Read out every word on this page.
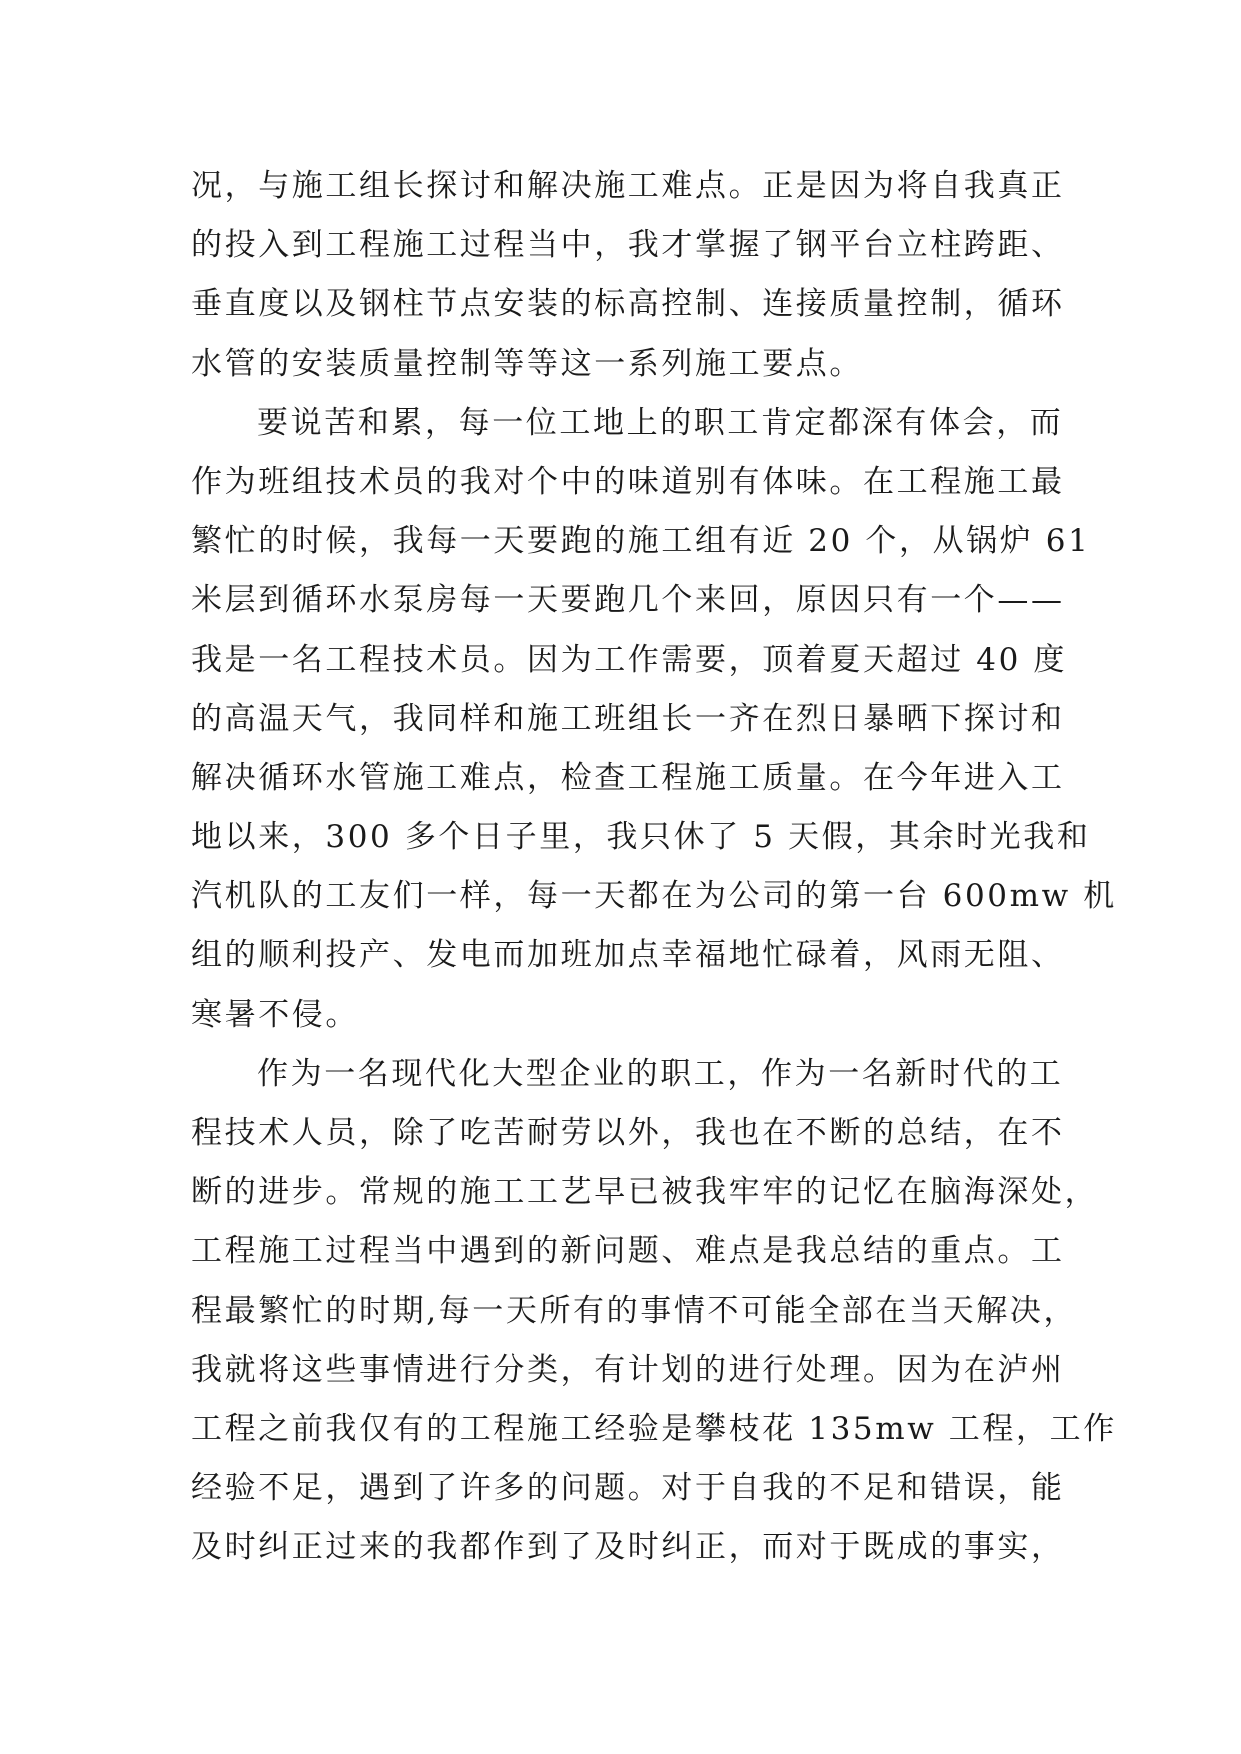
况，与施工组长探讨和解决施工难点。正是因为将自我真正
的投入到工程施工过程当中，我才掌握了钢平台立柱跨距、
垂直度以及钢柱节点安装的标高控制、连接质量控制，循环
水管的安装质量控制等等这一系列施工要点。
要说苦和累，每一位工地上的职工肯定都深有体会，而
作为班组技术员的我对个中的味道别有体味。在工程施工最
繁忙的时候，我每一天要跑的施工组有近 20 个，从锅炉 61
米层到循环水泵房每一天要跑几个来回，原因只有一个——
我是一名工程技术员。因为工作需要，顶着夏天超过 40 度
的高温天气，我同样和施工班组长一齐在烈日暴晒下探讨和
解决循环水管施工难点，检查工程施工质量。在今年进入工
地以来，300 多个日子里，我只休了 5 天假，其余时光我和
汽机队的工友们一样，每一天都在为公司的第一台 600mw 机
组的顺利投产、发电而加班加点幸福地忙碌着，风雨无阻、
寒暑不侵。
作为一名现代化大型企业的职工，作为一名新时代的工
程技术人员，除了吃苦耐劳以外，我也在不断的总结，在不
断的进步。常规的施工工艺早已被我牢牢的记忆在脑海深处，
工程施工过程当中遇到的新问题、难点是我总结的重点。工
程最繁忙的时期,每一天所有的事情不可能全部在当天解决，
我就将这些事情进行分类，有计划的进行处理。因为在泸州
工程之前我仅有的工程施工经验是攀枝花 135mw 工程，工作
经验不足，遇到了许多的问题。对于自我的不足和错误，能
及时纠正过来的我都作到了及时纠正，而对于既成的事实，
